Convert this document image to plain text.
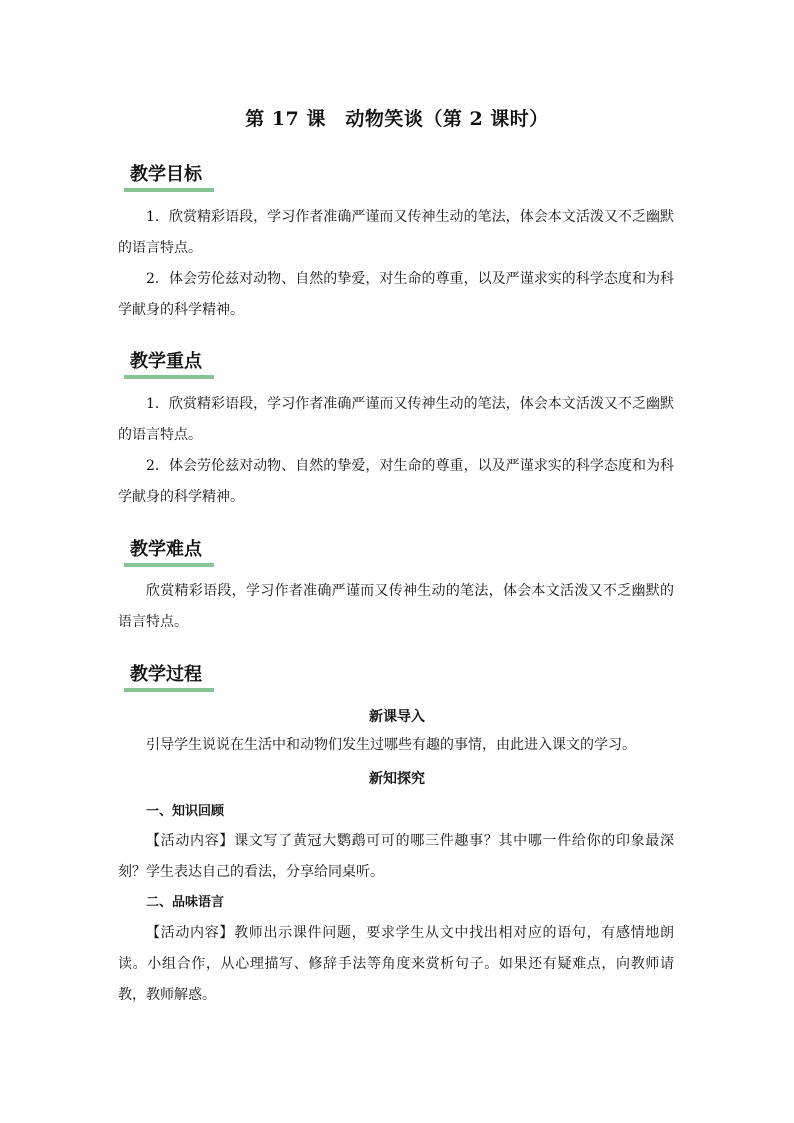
第 17 课　动物笑谈（第 2 课时）
教学目标

1．欣赏精彩语段，学习作者准确严谨而又传神生动的笔法，体会本文活泼又不乏幽默的语言特点。

2．体会劳伦兹对动物、自然的挚爱，对生命的尊重，以及严谨求实的科学态度和为科学献身的科学精神。

教学重点

1．欣赏精彩语段，学习作者准确严谨而又传神生动的笔法，体会本文活泼又不乏幽默的语言特点。

2．体会劳伦兹对动物、自然的挚爱，对生命的尊重，以及严谨求实的科学态度和为科学献身的科学精神。

教学难点

欣赏精彩语段，学习作者准确严谨而又传神生动的笔法，体会本文活泼又不乏幽默的语言特点。

教学过程
新课导入

引导学生说说在生活中和动物们发生过哪些有趣的事情，由此进入课文的学习。

新知探究
一、知识回顾

【活动内容】课文写了黄冠大鹦鹉可可的哪三件趣事？其中哪一件给你的印象最深刻？学生表达自己的看法，分享给同桌听。

二、品味语言

【活动内容】教师出示课件问题，要求学生从文中找出相对应的语句，有感情地朗读。小组合作，从心理描写、修辞手法等角度来赏析句子。如果还有疑难点，向教师请教，教师解惑。
